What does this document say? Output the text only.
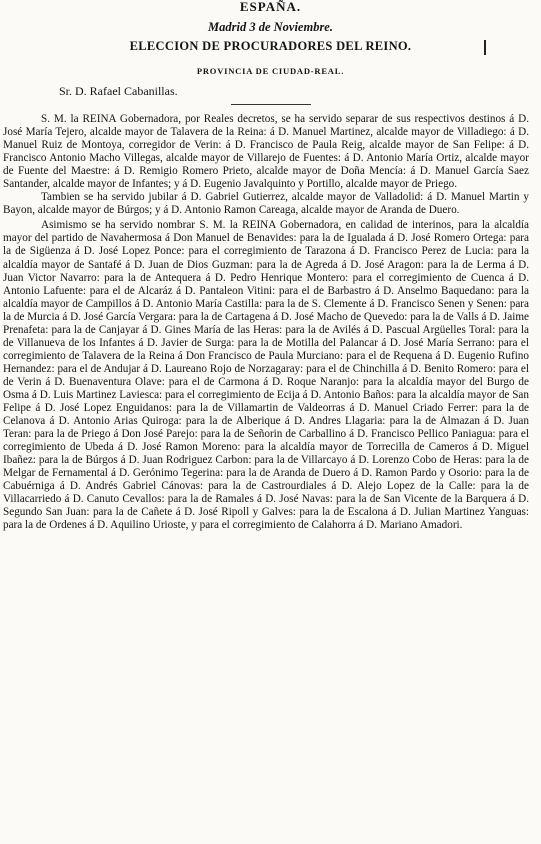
ESPAÑA.
Madrid 3 de Noviembre.
ELECCION DE PROCURADORES DEL REINO.
PROVINCIA DE CIUDAD-REAL.
Sr. D. Rafael Cabanillas.

S. M. la REINA Gobernadora, por Reales decretos, se ha servido separar de sus respectivos destinos á D. José María Tejero, alcalde mayor de Talavera de la Reina: á D. Manuel Martinez, alcalde mayor de Villadiego: á D. Manuel Ruiz de Montoya, corregidor de Verin: á D. Francisco de Paula Reig, alcalde mayor de San Felipe: á D. Francisco Antonio Macho Villegas, alcalde mayor de Villarejo de Fuentes: á D. Antonio María Ortiz, alcalde mayor de Fuente del Maestre: á D. Remigio Romero Prieto, alcalde mayor de Doña Mencía: á D. Manuel García Saez Santander, alcalde mayor de Infantes; y á D. Eugenio Javalquinto y Portillo, alcalde mayor de Priego.

Tambien se ha servido jubilar á D. Gabriel Gutierrez, alcalde mayor de Valladolid: á D. Manuel Martin y Bayon, alcalde mayor de Búrgos; y á D. Antonio Ramon Careaga, alcalde mayor de Aranda de Duero.

Asimismo se ha servido nombrar S. M. la REINA Gobernadora, en calidad de interinos, para la alcaldía mayor del partido de Navahermosa á Don Manuel de Benavides: para la de Igualada á D. José Romero Ortega: para la de Sigüenza á D. José Lopez Ponce: para el corregimiento de Tarazona á D. Francisco Perez de Lucia: para la alcaldía mayor de Santafé á D. Juan de Dios Guzman: para la de Agreda á D. José Aragon: para la de Lerma á D. Juan Victor Navarro: para la de Antequera á D. Pedro Henrique Montero: para el corregimiento de Cuenca á D. Antonio Lafuente: para el de Alcaráz á D. Pantaleon Vitini: para el de Barbastro á D. Anselmo Baquedano: para la alcaldía mayor de Campillos á D. Antonio María Castilla: para la de S. Clemente á D. Francisco Senen y Senen: para la de Murcia á D. José García Vergara: para la de Cartagena á D. José Macho de Quevedo: para la de Valls á D. Jaime Prenafeta: para la de Canjayar á D. Gines María de las Heras: para la de Avilés á D. Pascual Argüelles Toral: para la de Villanueva de los Infantes á D. Javier de Surga: para la de Motilla del Palancar á D. José María Serrano: para el corregimiento de Talavera de la Reina á Don Francisco de Paula Murciano: para el de Requena á D. Eugenio Rufino Hernandez: para el de Andujar á D. Laureano Rojo de Norzagaray: para el de Chinchilla á D. Benito Romero: para el de Verin á D. Buenaventura Olave: para el de Carmona á D. Roque Naranjo: para la alcaldía mayor del Burgo de Osma á D. Luis Martinez Laviesca: para el corregimiento de Ecija á D. Antonio Baños: para la alcaldía mayor de San Felipe á D. José Lopez Enguidanos: para la de Villamartin de Valdeorras á D. Manuel Criado Ferrer: para la de Celanova á D. Antonio Arias Quiroga: para la de Alberique á D. Andres Llagaria: para la de Almazan á D. Juan Teran: para la de Priego á Don José Parejo: para la de Señorin de Carballino á D. Francisco Pellico Paniagua: para el corregimiento de Ubeda á D. José Ramon Moreno: para la alcaldía mayor de Torrecilla de Cameros á D. Miguel Ibañez: para la de Búrgos á D. Juan Rodriguez Carbon: para la de Villarcayo á D. Lorenzo Cobo de Heras: para la de Melgar de Fernamental á D. Gerónimo Tegerina: para la de Aranda de Duero á D. Ramon Pardo y Osorio: para la de Cabuérniga á D. Andrés Gabriel Cánovas: para la de Castrourdiales á D. Alejo Lopez de la Calle: para la de Villacarriedo á D. Canuto Cevallos: para la de Ramales á D. José Navas: para la de San Vicente de la Barquera á D. Segundo San Juan: para la de Cañete á D. José Ripoll y Galves: para la de Escalona á D. Julian Martinez Yanguas: para la de Ordenes á D. Aquilino Urioste, y para el corregimiento de Calahorra á D. Mariano Amadori.
